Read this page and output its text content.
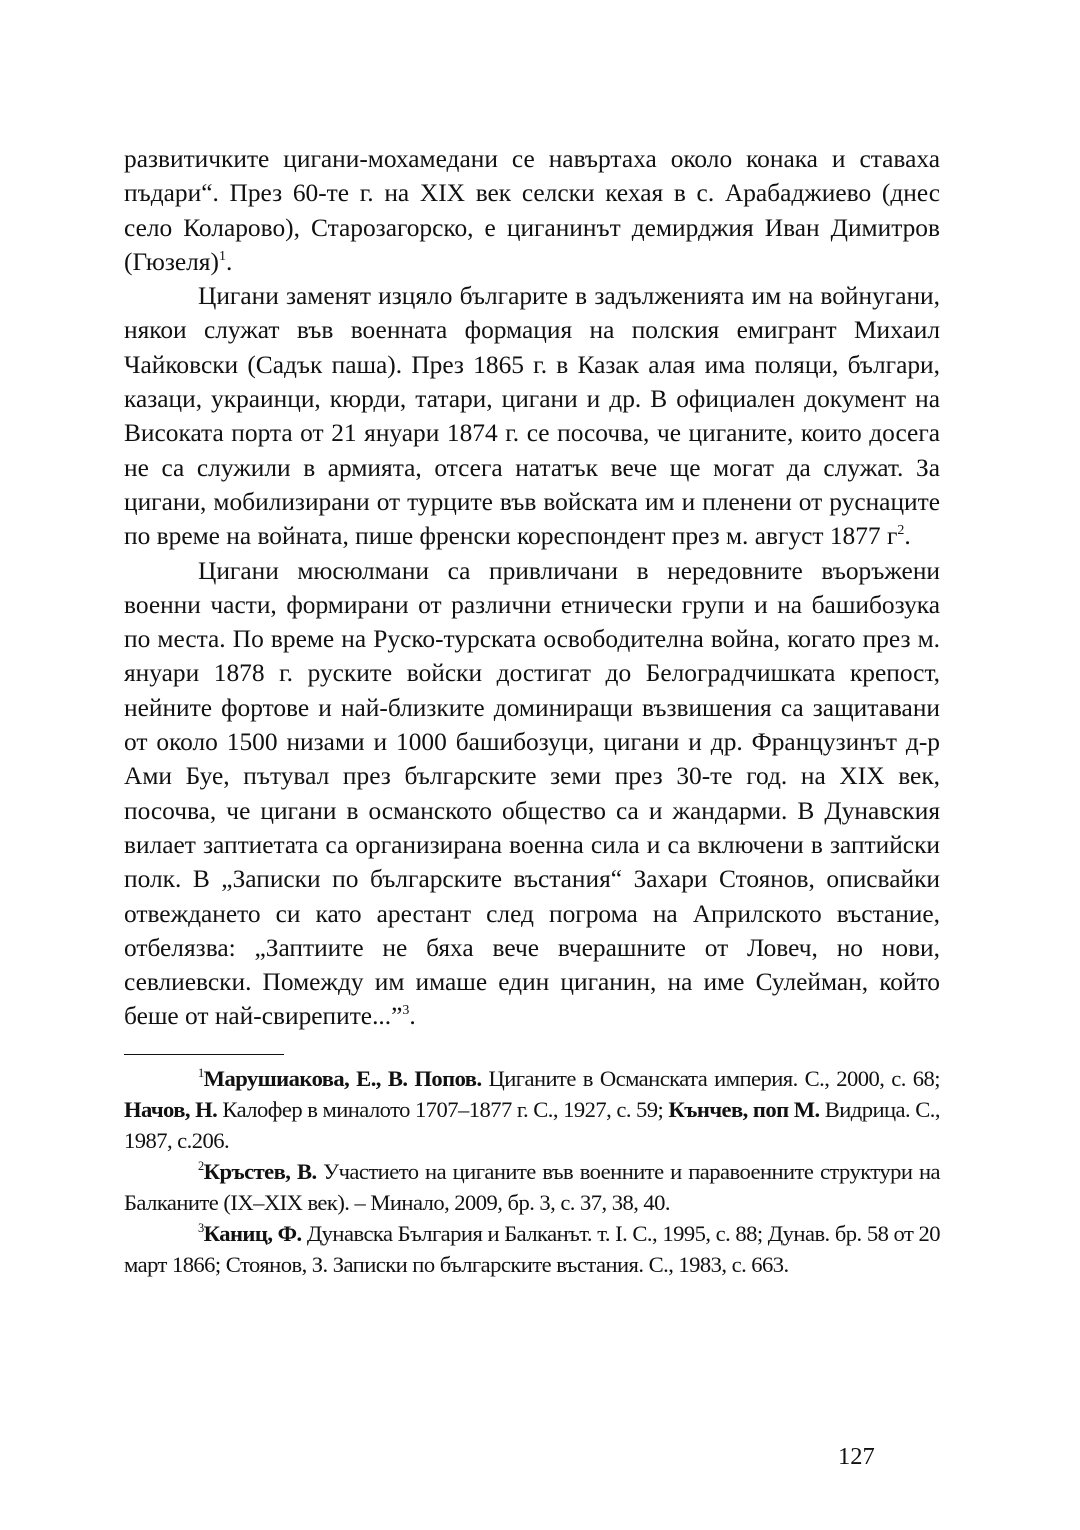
развитичките цигани-мохамедани се навъртаха около конака и ставаха пъдари“. През 60-те г. на XIX век селски кехая в с. Арабаджиево (днес село Коларово), Старозагорско, е циганинът демирджия Иван Димитров (Гюзеля)$^1$.

Цигани заменят изцяло българите в задълженията им на войнугани, някои служат във военната формация на полския емигрант Михаил Чайковски (Садък паша). През 1865 г. в Казак алая има поляци, българи, казаци, украинци, кюрди, татари, цигани и др. В официален документ на Високата порта от 21 януари 1874 г. се посочва, че циганите, които досега не са служили в армията, отсега нататък вече ще могат да служат. За цигани, мобилизирани от турците във войската им и пленени от руснаците по време на войната, пише френски кореспондент през м. август 1877 $г^2$.

Цигани мюсюлмани са привличани в нередовните въоръжени военни части, формирани от различни етнически групи и на башибозука по места. По време на Руско-турската освободителна война, когато през м. януари 1878 г. руските войски достигат до Белоградчишката крепост, нейните фортове и най-близките доминиращи възвишения са защитавани от около 1500 низами и 1000 башибозуци, цигани и др. Французинът д-р Ами Буе, пътувал през българските земи през 30-те год. на XIX век, посочва, че цигани в османското общество са и жандарми. В Дунавския вилает заптиетата са организирана военна сила и са включени в заптийски полк. В „Записки по българските въстания“ Захари Стоянов, описвайки отвеждането си като арестант след погрома на Априлското въстание, отбелязва: „Заптиите не бяха вече вчерашните от Ловеч, но нови, севлиевски. Помежду им имаше един циганин, на име Сулейман, който беше от най-свирепите...”$^3$.

$^1$Марушиакова, Е., В. Попов. Циганите в Османската империя. С., 2000, с. 68; Начов, Н. Калофер в миналото 1707–1877 г. С., 1927, с. 59; Кънчев, поп М. Видрица. С., 1987, с.206.

$^2$Кръстев, В. Участието на циганите във военните и паравоенните структури на Балканите (IX–XIX век). – Минало, 2009, бр. 3, с. 37, 38, 40.

$^3$Каниц, Ф. Дунавска България и Балканът. т. I. С., 1995, с. 88; Дунав. бр. 58 от 20 март 1866; Стоянов, З. Записки по българските въстания. С., 1983, с. 663.

127
